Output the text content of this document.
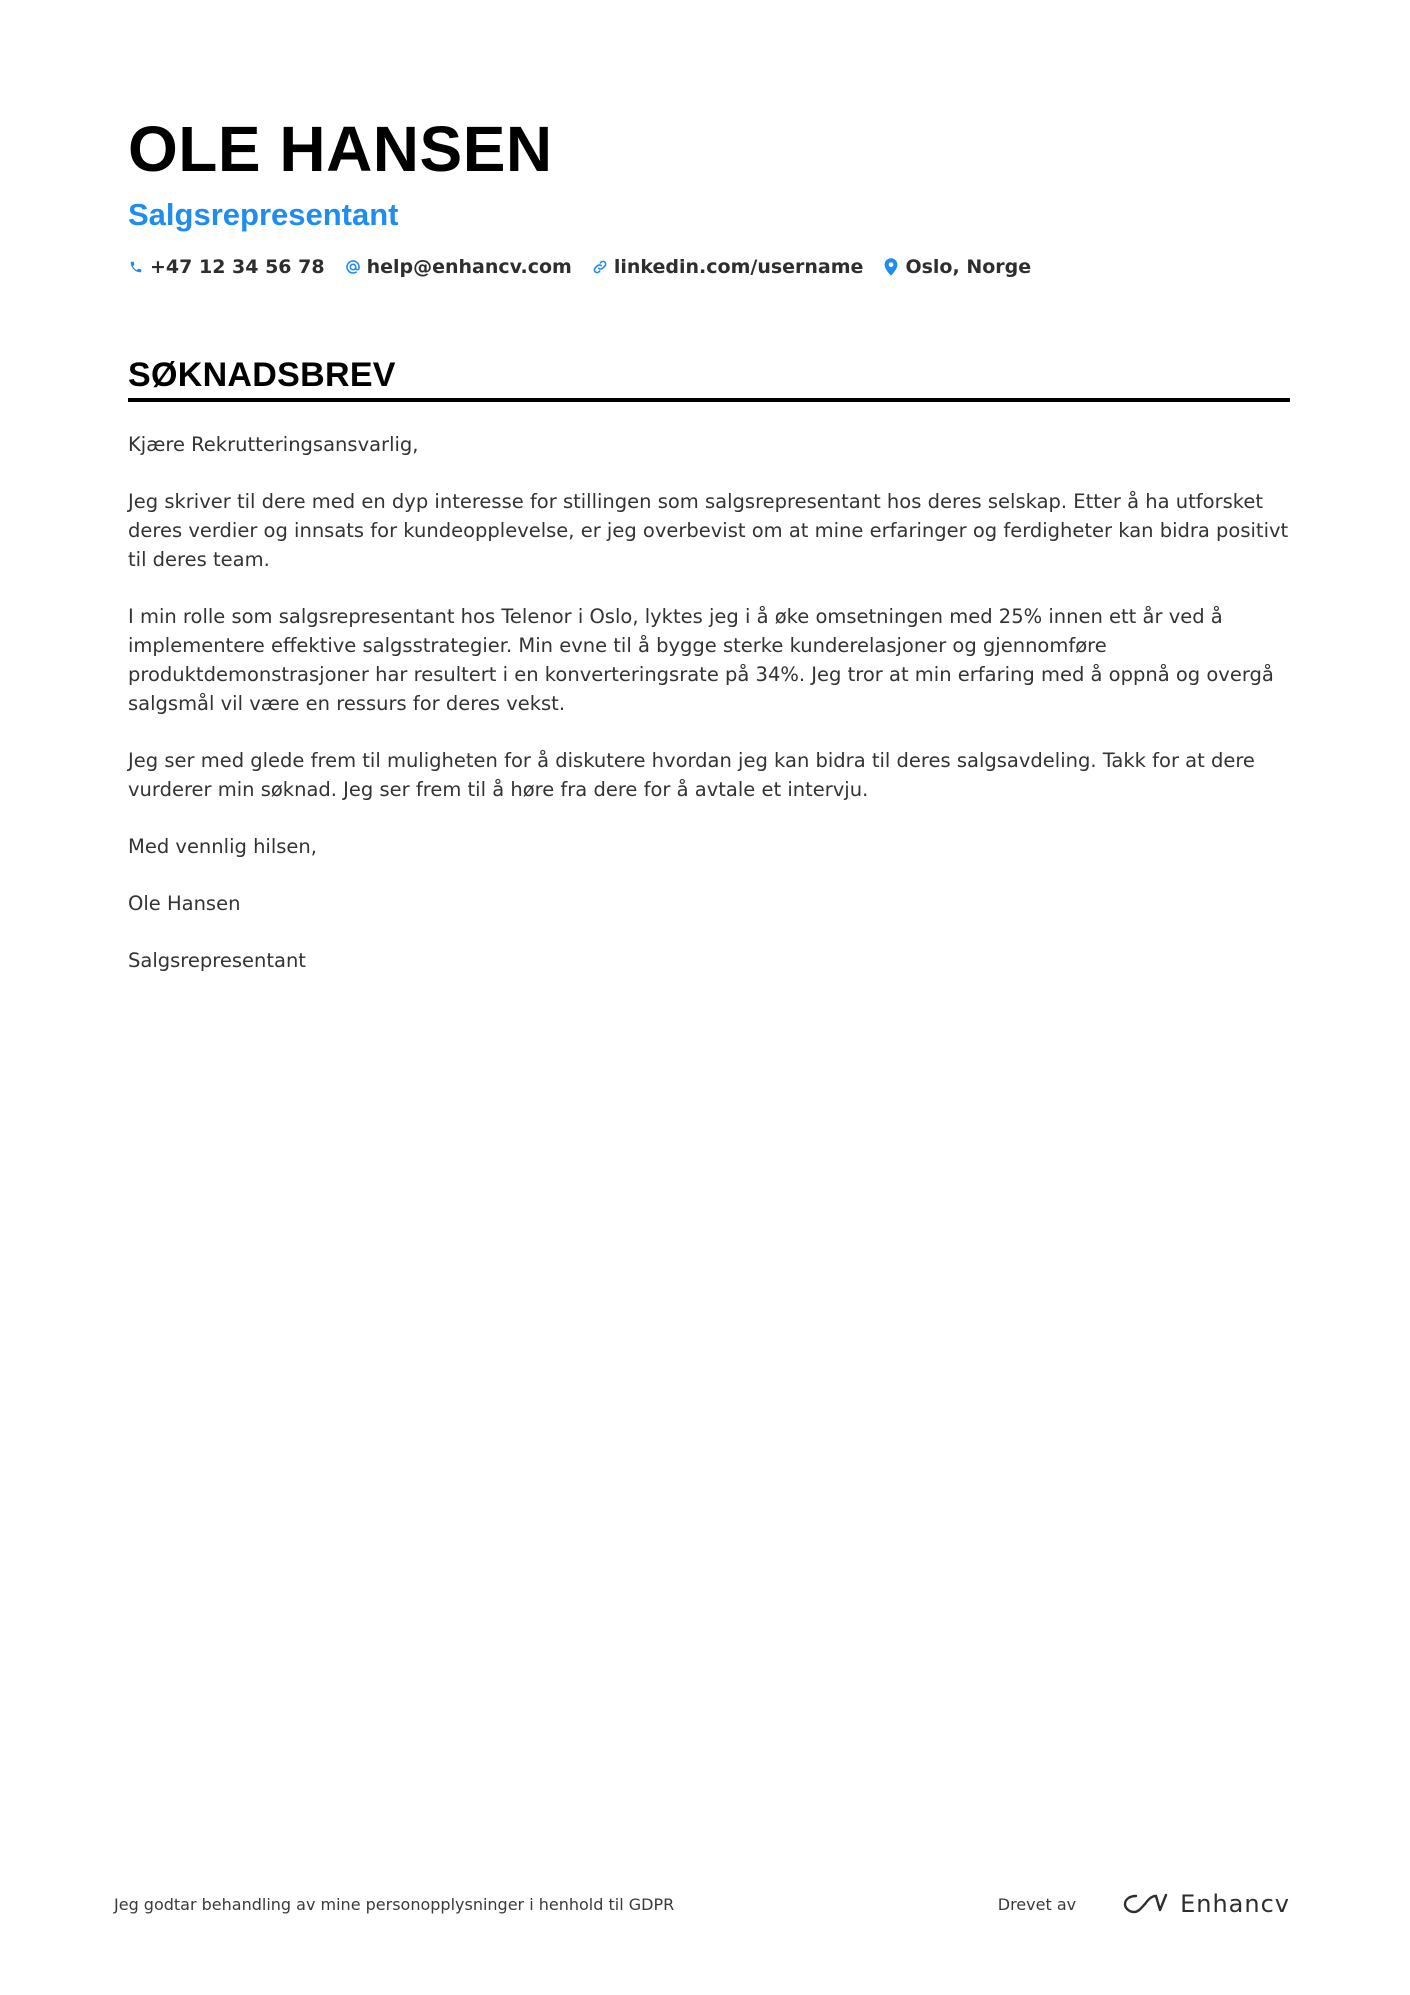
OLE HANSEN
Salgsrepresentant
+47 12 34 56 78 help@enhancv.com linkedin.com/username Oslo, Norge
SØKNADSBREV

Kjære Rekrutteringsansvarlig,

Jeg skriver til dere med en dyp interesse for stillingen som salgsrepresentant hos deres selskap. Etter å ha utforsket deres verdier og innsats for kundeopplevelse, er jeg overbevist om at mine erfaringer og ferdigheter kan bidra positivt til deres team.

I min rolle som salgsrepresentant hos Telenor i Oslo, lyktes jeg i å øke omsetningen med 25% innen ett år ved å implementere effektive salgsstrategier. Min evne til å bygge sterke kunderelasjoner og gjennomføre produktdemonstrasjoner har resultert i en konverteringsrate på 34%. Jeg tror at min erfaring med å oppnå og overgå salgsmål vil være en ressurs for deres vekst.

Jeg ser med glede frem til muligheten for å diskutere hvordan jeg kan bidra til deres salgsavdeling. Takk for at dere vurderer min søknad. Jeg ser frem til å høre fra dere for å avtale et intervju.

Med vennlig hilsen,

Ole Hansen

Salgsrepresentant

Jeg godtar behandling av mine personopplysninger i henhold til GDPR	Drevet av	Enhancv
